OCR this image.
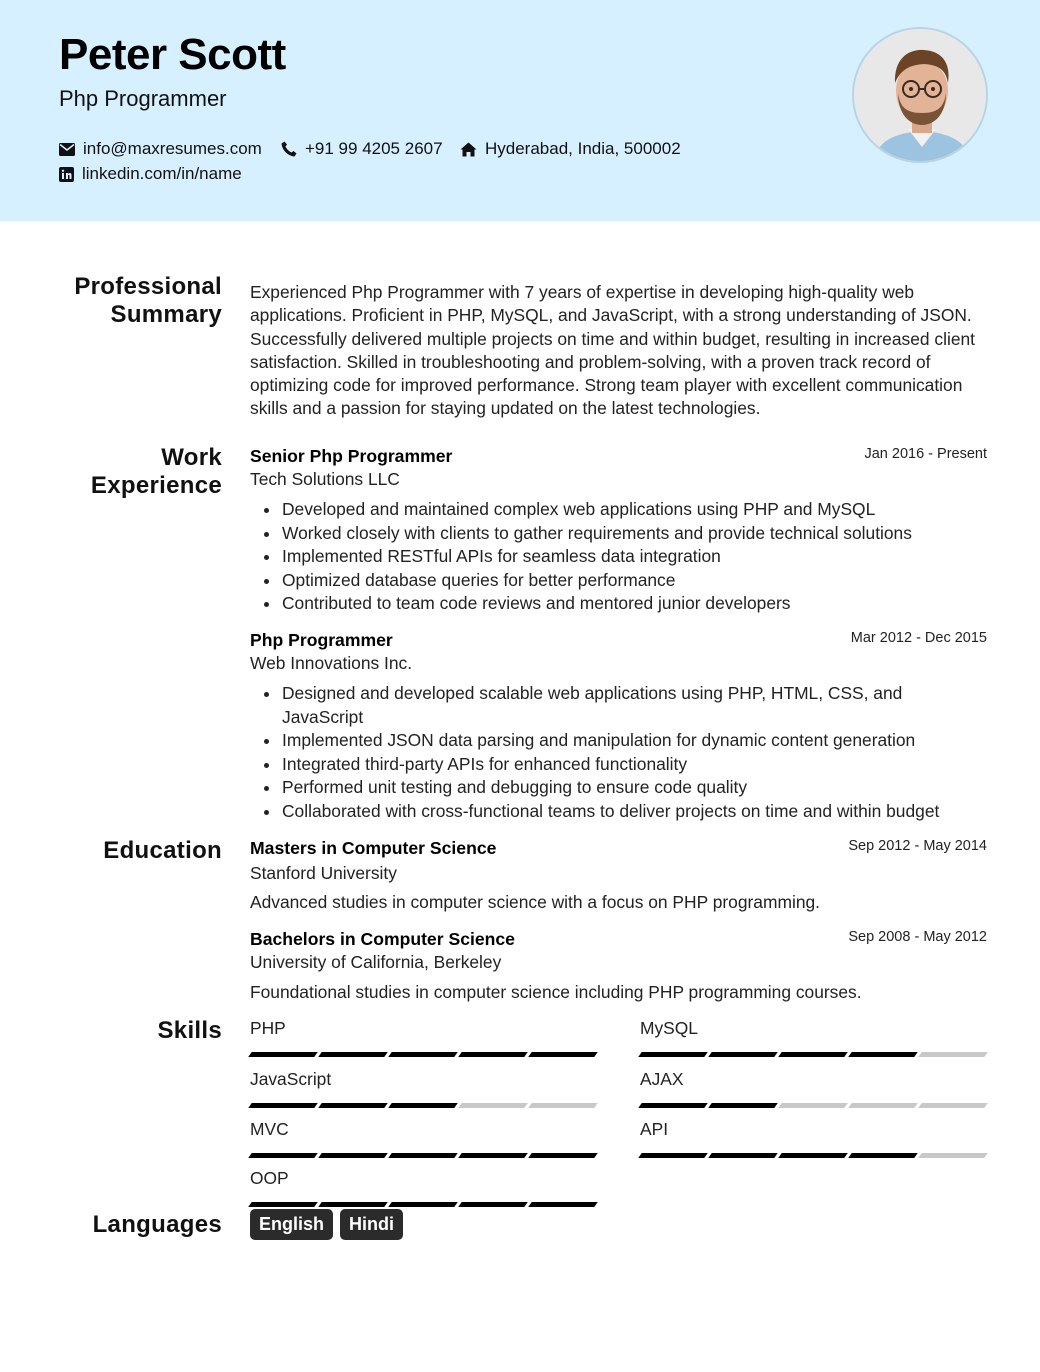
Peter Scott
Php Programmer
info@maxresumes.com	+91 99 4205 2607 Hyderabad, India, 500002
linkedin.com/in/name
Professional
Summary
Experienced Php Programmer with 7 years of expertise in developing high-quality web applications. Proficient in PHP, MySQL, and JavaScript, with a strong understanding of JSON. Successfully delivered multiple projects on time and within budget, resulting in increased client satisfaction. Skilled in troubleshooting and problem-solving, with a proven track record of optimizing code for improved performance. Strong team player with excellent communication skills and a passion for staying updated on the latest technologies.
Work
Experience
Senior Php Programmer	Jan 2016 - Present
Tech Solutions LLC
Developed and maintained complex web applications using PHP and MySQL
Worked closely with clients to gather requirements and provide technical solutions
Implemented RESTful APIs for seamless data integration
Optimized database queries for better performance
Contributed to team code reviews and mentored junior developers
Php Programmer	Mar 2012 - Dec 2015
Web Innovations Inc.
Designed and developed scalable web applications using PHP, HTML, CSS, and JavaScript
Implemented JSON data parsing and manipulation for dynamic content generation
Integrated third-party APIs for enhanced functionality
Performed unit testing and debugging to ensure code quality
Collaborated with cross-functional teams to deliver projects on time and within budget
Education Masters in Computer Science	Sep 2012 - May 2014
Stanford University
Advanced studies in computer science with a focus on PHP programming.
Bachelors in Computer Science	Sep 2008 - May 2012
University of California, Berkeley
Foundational studies in computer science including PHP programming courses.
Skills PHP	MySQL
JavaScript	AJAX
MVC	API
OOP
Languages	English	Hindi
